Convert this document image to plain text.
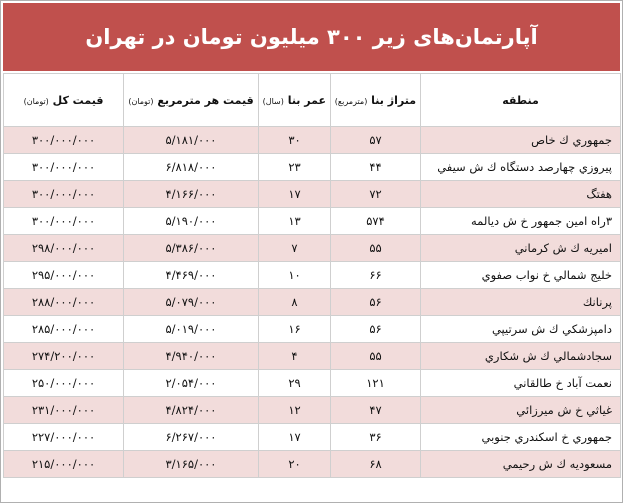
آپارتمان‌های زیر ۳۰۰ میلیون تومان در تهران
منطقه	متراژ بنا (مترمربع)	عمر بنا (سال)	قیمت هر مترمربع (تومان)	قیمت کل (تومان)
جمهوري ك خاص	۵۷	۳۰	۵/۱۸۱/۰۰۰	۳۰۰/۰۰۰/۰۰۰
پيروزي چهارصد دستگاه ك ش سيفي	۴۴	۲۳	۶/۸۱۸/۰۰۰	۳۰۰/۰۰۰/۰۰۰
هفتگ	۷۲	۱۷	۴/۱۶۶/۰۰۰	۳۰۰/۰۰۰/۰۰۰
۳راه امين جمهور خ ش ديالمه	۵۷۴	۱۳	۵/۱۹۰/۰۰۰	۳۰۰/۰۰۰/۰۰۰
اميريه ك ش كرماني	۵۵	۷	۵/۳۸۶/۰۰۰	۲۹۸/۰۰۰/۰۰۰
خليج شمالي خ نواب صفوي	۶۶	۱۰	۴/۴۶۹/۰۰۰	۲۹۵/۰۰۰/۰۰۰
پرنانك	۵۶	۸	۵/۰۷۹/۰۰۰	۲۸۸/۰۰۰/۰۰۰
دامپزشكي ك ش سرتيپي	۵۶	۱۶	۵/۰۱۹/۰۰۰	۲۸۵/۰۰۰/۰۰۰
سجادشمالي ك ش شكاري	۵۵	۴	۴/۹۴۰/۰۰۰	۲۷۴/۲۰۰/۰۰۰
نعمت آباد خ طالقاني	۱۲۱	۲۹	۲/۰۵۴/۰۰۰	۲۵۰/۰۰۰/۰۰۰
غياثي خ ش ميرزائي	۴۷	۱۲	۴/۸۲۴/۰۰۰	۲۳۱/۰۰۰/۰۰۰
جمهوري خ اسكندري جنوبي	۳۶	۱۷	۶/۲۶۷/۰۰۰	۲۲۷/۰۰۰/۰۰۰
مسعوديه ك ش رحيمي	۶۸	۲۰	۳/۱۶۵/۰۰۰	۲۱۵/۰۰۰/۰۰۰
